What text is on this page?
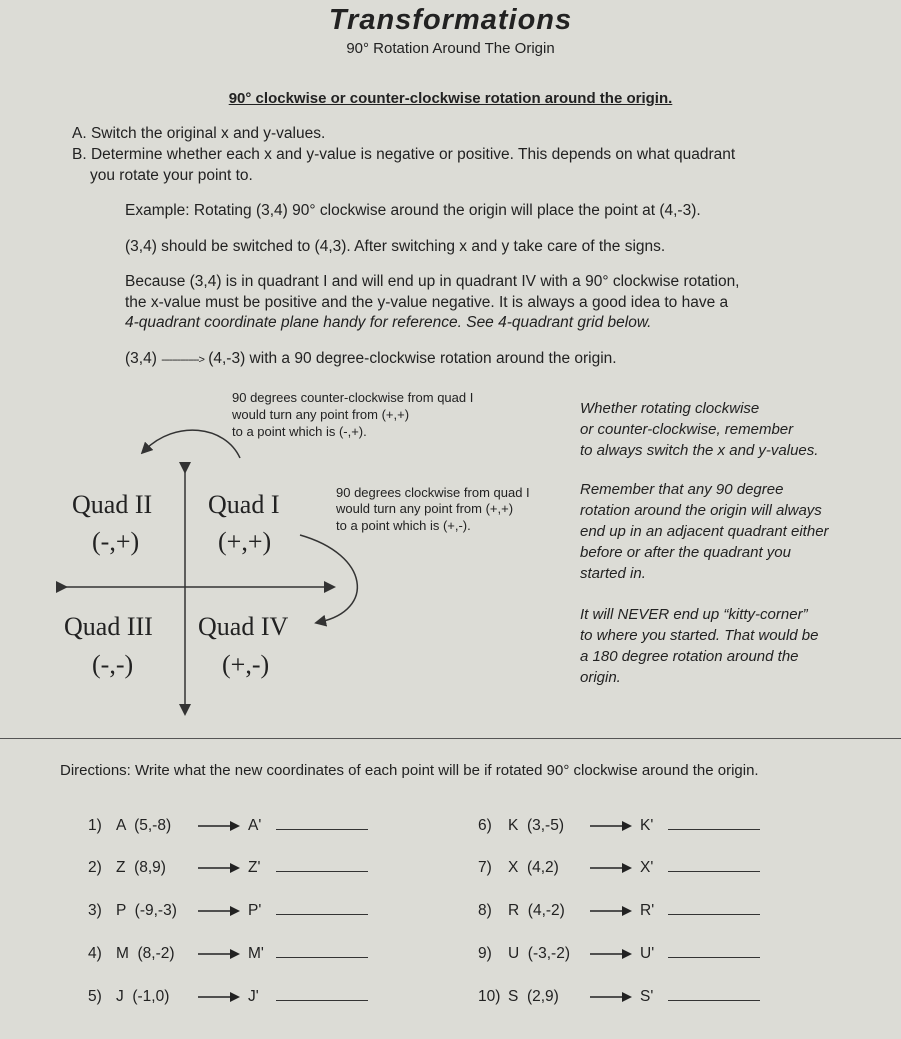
Transformations
90° Rotation Around The Origin
90° clockwise or counter-clockwise rotation around the origin.
A. Switch the original x and y-values.
B. Determine whether each x and y-value is negative or positive. This depends on what quadrant
you rotate your point to.
Example: Rotating (3,4) 90° clockwise around the origin will place the point at (4,-3).
(3,4) should be switched to (4,3). After switching x and y take care of the signs.
Because (3,4) is in quadrant I and will end up in quadrant IV with a 90° clockwise rotation,
the x-value must be positive and the y-value negative. It is always a good idea to have a
4-quadrant coordinate plane handy for reference. See 4-quadrant grid below.
(3,4) --------------> (4,-3) with a 90 degree-clockwise rotation around the origin.
90 degrees counter-clockwise from quad I
would turn any point from (+,+)
to a point which is (-,+).
90 degrees clockwise from quad I
would turn any point from (+,+)
to a point which is (+,-).
Quad II
(-,+)
Quad I
(+,+)
Quad III
(-,-)
Quad IV
(+,-)
Whether rotating clockwise
or counter-clockwise, remember
to always switch the x and y-values.
Remember that any 90 degree
rotation around the origin will always
end up in an adjacent quadrant either
before or after the quadrant you
started in.
It will NEVER end up “kitty-corner”
to where you started. That would be
a 180 degree rotation around the
origin.
Directions: Write what the new coordinates of each point will be if rotated 90° clockwise around the origin.
1) A  (5,-8)	A'
2) Z  (8,9)	Z'
3) P  (-9,-3)	P'
4) M  (8,-2)	M'
5) J  (-1,0)	J'
6) K  (3,-5)	K'
7) X  (4,2)	X'
8) R  (4,-2)	R'
9) U  (-3,-2)	U'
10) S  (2,9)	S'
